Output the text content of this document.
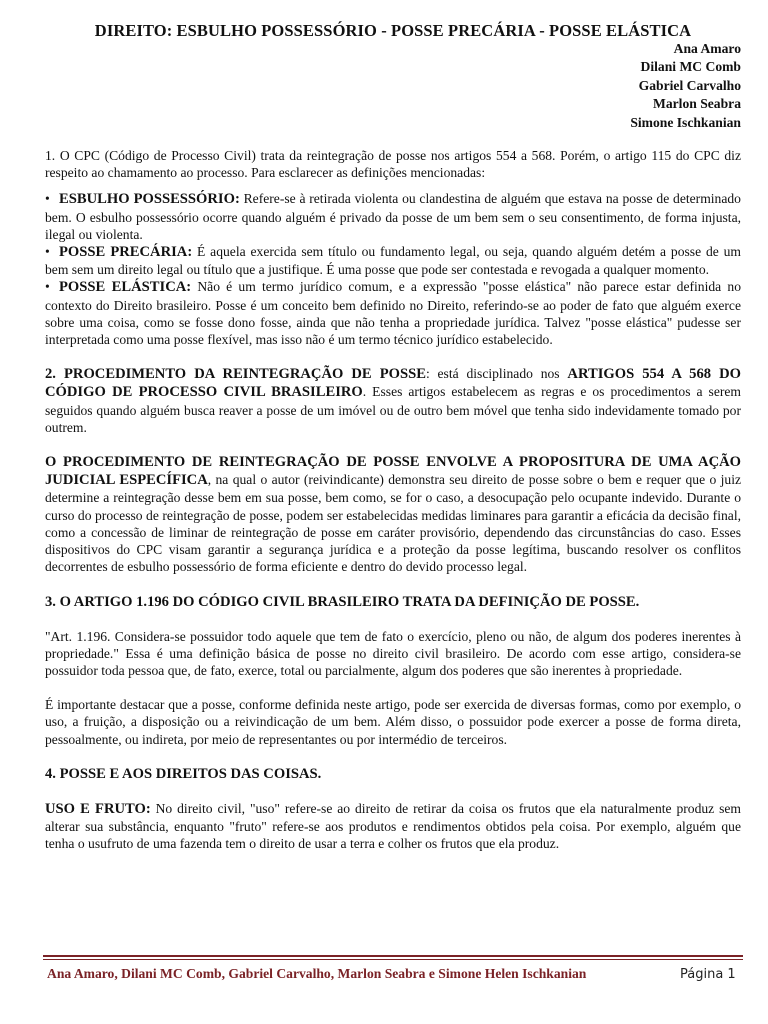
DIREITO: ESBULHO POSSESSÓRIO - POSSE PRECÁRIA - POSSE ELÁSTICA
Ana Amaro
Dilani MC Comb
Gabriel Carvalho
Marlon Seabra
Simone Ischkanian

1. O CPC (Código de Processo Civil) trata da reintegração de posse nos artigos 554 a 568. Porém, o artigo 115 do CPC diz respeito ao chamamento ao processo. Para esclarecer as definições mencionadas:

• ESBULHO POSSESSÓRIO: Refere-se à retirada violenta ou clandestina de alguém que estava na posse de determinado bem. O esbulho possessório ocorre quando alguém é privado da posse de um bem sem o seu consentimento, de forma injusta, ilegal ou violenta.

• POSSE PRECÁRIA: É aquela exercida sem título ou fundamento legal, ou seja, quando alguém detém a posse de um bem sem um direito legal ou título que a justifique. É uma posse que pode ser contestada e revogada a qualquer momento.

• POSSE ELÁSTICA: Não é um termo jurídico comum, e a expressão "posse elástica" não parece estar definida no contexto do Direito brasileiro. Posse é um conceito bem definido no Direito, referindo-se ao poder de fato que alguém exerce sobre uma coisa, como se fosse dono fosse, ainda que não tenha a propriedade jurídica. Talvez "posse elástica" pudesse ser interpretada como uma posse flexível, mas isso não é um termo técnico jurídico estabelecido.

2. PROCEDIMENTO DA REINTEGRAÇÃO DE POSSE: está disciplinado nos ARTIGOS 554 A 568 DO CÓDIGO DE PROCESSO CIVIL BRASILEIRO. Esses artigos estabelecem as regras e os procedimentos a serem seguidos quando alguém busca reaver a posse de um imóvel ou de outro bem móvel que tenha sido indevidamente tomado por outrem.

O PROCEDIMENTO DE REINTEGRAÇÃO DE POSSE ENVOLVE A PROPOSITURA DE UMA AÇÃO JUDICIAL ESPECÍFICA, na qual o autor (reivindicante) demonstra seu direito de posse sobre o bem e requer que o juiz determine a reintegração desse bem em sua posse, bem como, se for o caso, a desocupação pelo ocupante indevido. Durante o curso do processo de reintegração de posse, podem ser estabelecidas medidas liminares para garantir a eficácia da decisão final, como a concessão de liminar de reintegração de posse em caráter provisório, dependendo das circunstâncias do caso. Esses dispositivos do CPC visam garantir a segurança jurídica e a proteção da posse legítima, buscando resolver os conflitos decorrentes de esbulho possessório de forma eficiente e dentro do devido processo legal.

3. O ARTIGO 1.196 DO CÓDIGO CIVIL BRASILEIRO TRATA DA DEFINIÇÃO DE POSSE.

"Art. 1.196. Considera-se possuidor todo aquele que tem de fato o exercício, pleno ou não, de algum dos poderes inerentes à propriedade." Essa é uma definição básica de posse no direito civil brasileiro. De acordo com esse artigo, considera-se possuidor toda pessoa que, de fato, exerce, total ou parcialmente, algum dos poderes que são inerentes à propriedade.

É importante destacar que a posse, conforme definida neste artigo, pode ser exercida de diversas formas, como por exemplo, o uso, a fruição, a disposição ou a reivindicação de um bem. Além disso, o possuidor pode exercer a posse de forma direta, pessoalmente, ou indireta, por meio de representantes ou por intermédio de terceiros.

4. POSSE E AOS DIREITOS DAS COISAS.

USO E FRUTO: No direito civil, "uso" refere-se ao direito de retirar da coisa os frutos que ela naturalmente produz sem alterar sua substância, enquanto "fruto" refere-se aos produtos e rendimentos obtidos pela coisa. Por exemplo, alguém que tenha o usufruto de uma fazenda tem o direito de usar a terra e colher os frutos que ela produz.

Ana Amaro, Dilani MC Comb, Gabriel Carvalho, Marlon Seabra e Simone Helen Ischkanian	Página 1
